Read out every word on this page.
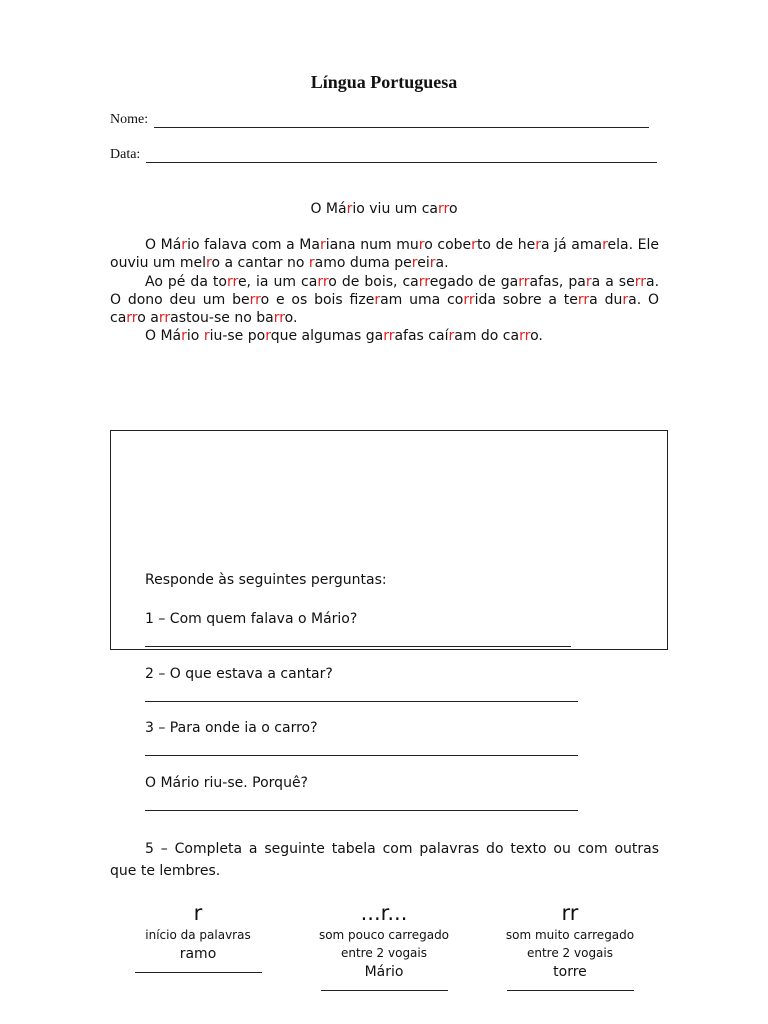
Língua Portuguesa
Nome:
Data:
O Mário viu um carro

O Mário falava com a Mariana num muro coberto de hera já amarela. Ele ouviu um melro a cantar no ramo duma pereira.

Ao pé da torre, ia um carro de bois, carregado de garrafas, para a serra. O dono deu um berro e os bois fizeram uma corrida sobre a terra dura. O carro arrastou-se no barro.

O Mário riu-se porque algumas garrafas caíram do carro.

Responde às seguintes perguntas:
1 – Com quem falava o Mário?
2 – O que estava a cantar?
3 – Para onde ia o carro?
O Mário riu-se. Porquê?
5 – Completa a seguinte tabela com palavras do texto ou com outras que te lembres.
r
início da palavras
ramo
...r...
som pouco carregado
entre 2 vogais
Mário
rr
som muito carregado
entre 2 vogais
torre
